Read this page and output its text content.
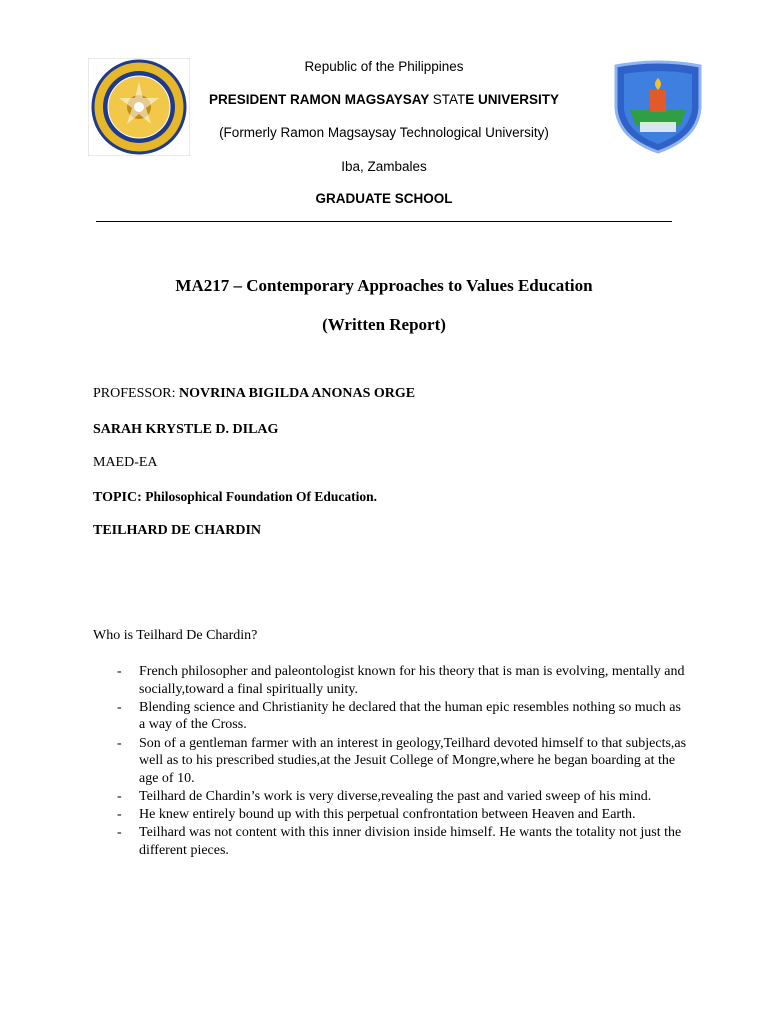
Republic of the Philippines
PRESIDENT RAMON MAGSAYSAY STATE UNIVERSITY
(Formerly Ramon Magsaysay Technological University)
Iba, Zambales
GRADUATE SCHOOL
MA217 – Contemporary Approaches to Values Education
(Written Report)
PROFESSOR: NOVRINA BIGILDA ANONAS ORGE
SARAH KRYSTLE D. DILAG
MAED-EA
TOPIC: Philosophical Foundation Of Education.
TEILHARD DE CHARDIN
Who is Teilhard De Chardin?
- French philosopher and paleontologist known for his theory that is man is evolving, mentally and socially,toward a final spiritually unity.
- Blending science and Christianity he declared that the human epic resembles nothing so much as a way of the Cross.
- Son of a gentleman farmer with an interest in geology,Teilhard devoted himself to that subjects,as well as to his prescribed studies,at the Jesuit College of Mongre,where he began boarding at the age of 10.
- Teilhard de Chardin’s work is very diverse,revealing the past and varied sweep of his mind.
- He knew entirely bound up with this perpetual confrontation between Heaven and Earth.
- Teilhard was not content with this inner division inside himself. He wants the totality not just the different pieces.
